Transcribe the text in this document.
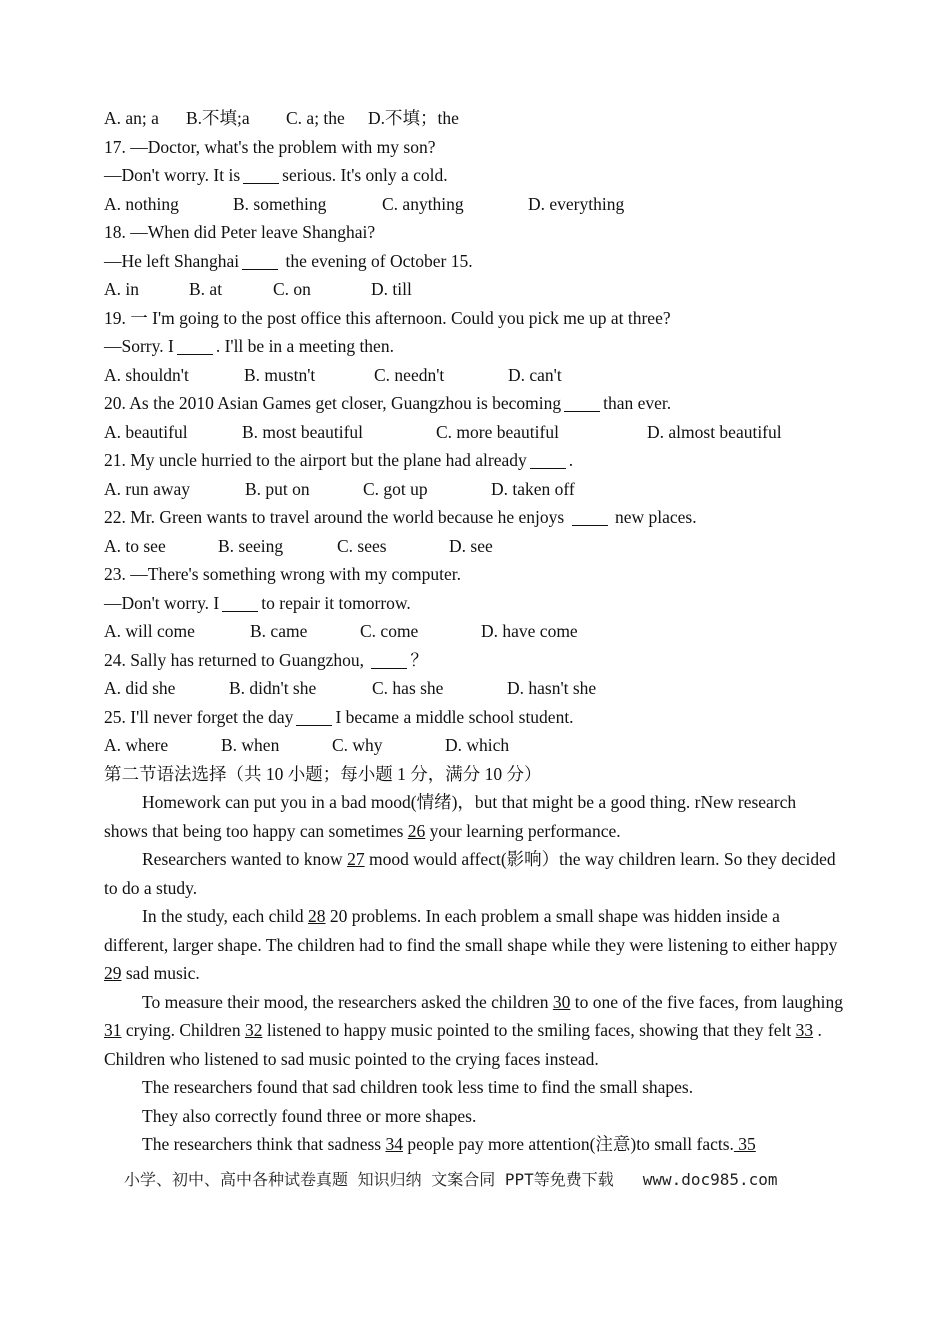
A. an; a	B.不填;a	C. a; the	D.不填；the
17. ―Doctor, what's the problem with my son?
―Don't worry. It is serious. It's only a cold.
A. nothing	B. something	C. anything	D. everything
18. —When did Peter leave Shanghai?
―He left Shanghai the evening of October 15.
A. in	B. at	C. on	D. till
19. 一 I'm going to the post office this afternoon. Could you pick me up at three?
―Sorry. I . I'll be in a meeting then.
A. shouldn't	B. mustn't	C. needn't	D. can't
20. As the 2010 Asian Games get closer, Guangzhou is becoming than ever.
A. beautiful	B. most beautiful	C. more beautiful	D. almost beautiful
21. My uncle hurried to the airport but the plane had already .
A. run away	B. put on	C. got up	D. taken off
22. Mr. Green wants to travel around the world because he enjoys  new places.
A. to see	B. seeing	C. sees	D. see
23. ―There's something wrong with my computer.
―Don't worry. I to repair it tomorrow.
A. will come	B. came	C. come	D. have come
24. Sally has returned to Guangzhou, ？
A. did she	B. didn't she	C. has she	D. hasn't she
25. I'll never forget the day I became a middle school student.
A. where	B. when	C. why	D. which
第二节语法选择（共 10 小题；每小题 1 分，满分 10 分）

Homework can put you in a bad mood(情绪)，but that might be a good thing. rNew research shows that being too happy can sometimes 26 your learning performance.

Researchers wanted to know 27 mood would affect(影响）the way children learn. So they decided to do a study.

In the study, each child 28 20 problems. In each problem a small shape was hidden inside a different, larger shape. The children had to find the small shape while they were listening to either happy 29 sad music.

To measure their mood, the researchers asked the children 30 to one of the five faces, from laughing 31 crying. Children 32 listened to happy music pointed to the smiling faces, showing that they felt 33 . Children who listened to sad music pointed to the crying faces instead.

The researchers found that sad children took less time to find the small shapes.

They also correctly found three or more shapes.

The researchers think that sadness 34 people pay more attention(注意)to small facts. 35

小学、初中、高中各种试卷真题 知识归纳 文案合同 PPT等免费下载   www.doc985.com
